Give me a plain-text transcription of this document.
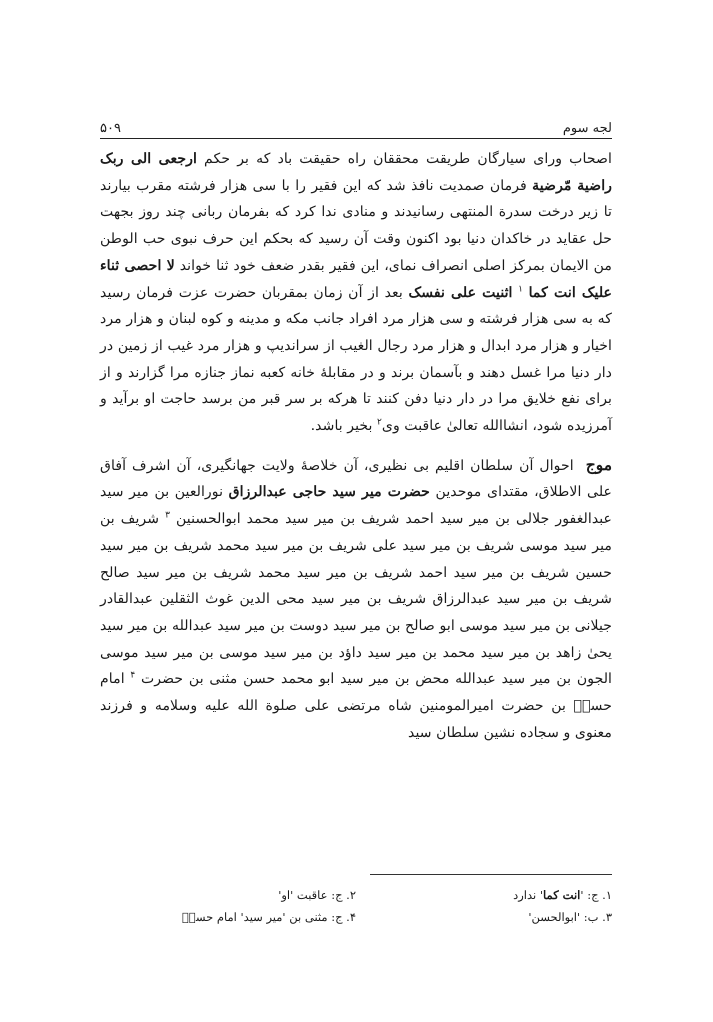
لجه سوم
۵۰۹

اصحاب ورای سیارگان طریقت محققان راه حقیقت باد که بر حکم ارجعی الی ربک راضیة مّرضیة فرمان صمدیت نافذ شد که این فقیر را با سی هزار فرشته مقرب بیارند تا زیر درخت سدرة المنتهی رسانیدند و منادی ندا کرد که بفرمان ربانی چند روز بجهت حل عقاید در خاکدان دنیا بود اکنون وقت آن رسید که بحکم این حرف نبوی حب الوطن من الایمان بمرکز اصلی انصراف نمای، این فقیر بقدر ضعف خود ثنا خواند لا احصی ثناء علیک انت کما $^۱$ اثنیت علی نفسک بعد از آن زمان بمقربان حضرت عزت فرمان رسید که به سی هزار فرشته و سی هزار مرد افراد جانب مکه و مدینه و کوه لبنان و هزار مرد اخیار و هزار مرد ابدال و هزار مرد رجال الغیب از سراندیپ و هزار مرد غیب از زمین در دار دنیا مرا غسل دهند و بآسمان برند و در مقابلهٔ خانه کعبه نماز جنازه مرا گزارند و از برای نفع خلایق مرا در دار دنیا دفن کنند تا هرکه بر سر قبر من برسد حاجت او برآید و آمرزیده شود، انشاالله تعالیٰ عاقبت وی$^۲$ بخیر باشد.

موج  احوال آن سلطان اقلیم بی نظیری، آن خلاصهٔ ولایت جهانگیری، آن اشرف آفاق علی الاطلاق، مقتدای موحدین حضرت میر سید حاجی عبدالرزاق نورالعین بن میر سید عبدالغفور جلالی بن میر سید احمد شریف بن میر سید محمد ابوالحسنین $^۳$ شریف بن میر سید موسی شریف بن میر سید علی شریف بن میر سید محمد شریف بن میر سید حسین شریف بن میر سید احمد شریف بن میر سید محمد شریف بن میر سید صالح شریف بن میر سید عبدالرزاق شریف بن میر سید محی الدین غوث الثقلین عبدالقادر جیلانی بن میر سید موسی ابو صالح بن میر سید دوست بن میر سید عبدالله بن میر سید یحیٰ زاهد بن میر سید محمد بن میر سید داؤد بن میر سید موسی بن میر سید موسی الجون بن میر سید عبدالله محض بن میر سید ابو محمد حسن مثنی بن حضرت $^۴$ امام حسنؓ بن حضرت امیرالمومنین شاه مرتضی علی صلوة الله علیه وسلامه و فرزند معنوی و سجاده نشین سلطان سید

۱. ج: 'انت کما' ندارد
۲. ج: عاقبت 'او'
۳. ب: 'ابوالحسن'
۴. ج: مثنی بن 'میر سید' امام حسنؓ
